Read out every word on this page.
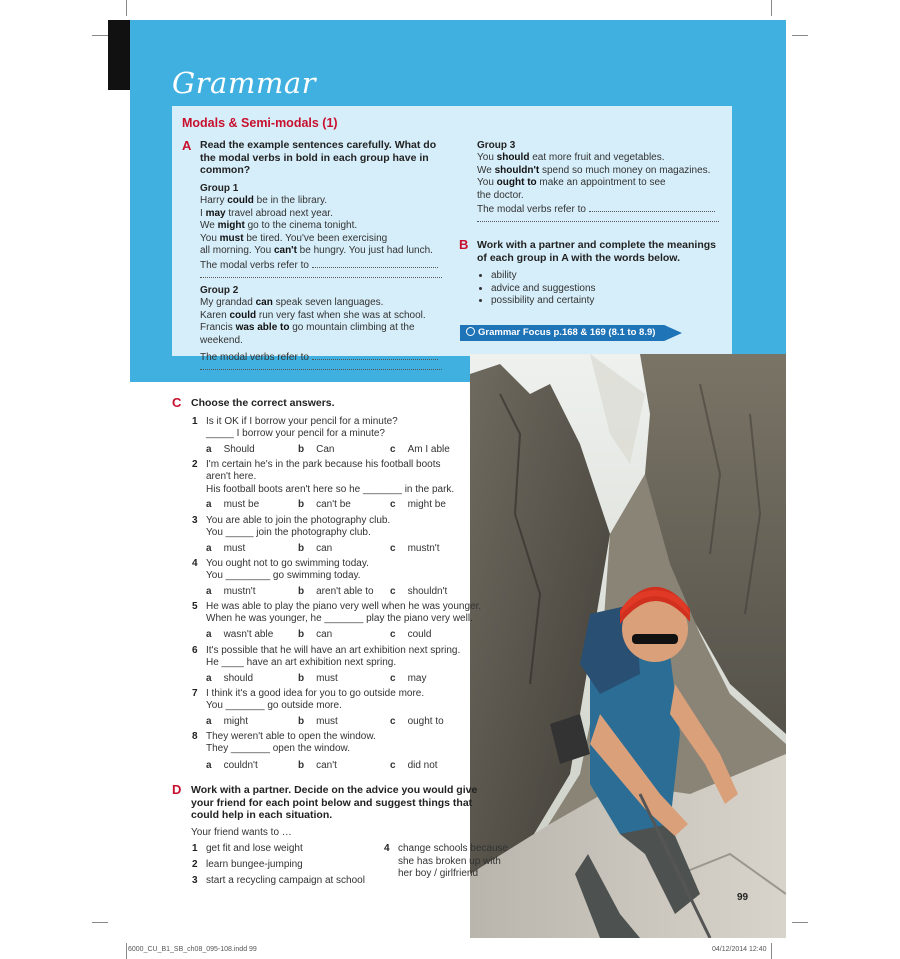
Grammar
Modals & Semi-modals (1)
A Read the example sentences carefully. What do
the modal verbs in bold in each group have in
common?
Group 1
Harry could be in the library.
I may travel abroad next year.
We might go to the cinema tonight.
You must be tired. You've been exercising
all morning. You can't be hungry. You just had lunch.
The modal verbs refer to
Group 2
My grandad can speak seven languages.
Karen could run very fast when she was at school.
Francis was able to go mountain climbing at the
weekend.
The modal verbs refer to
Group 3
You should eat more fruit and vegetables.
We shouldn't spend so much money on magazines.
You ought to make an appointment to see
the doctor.
The modal verbs refer to
B Work with a partner and complete the meanings
of each group in A with the words below.
• ability
• advice and suggestions
• possibility and certainty
Grammar Focus p.168 & 169 (8.1 to 8.9)
C Choose the correct answers.
1 Is it OK if I borrow your pencil for a minute?
_____ I borrow your pencil for a minute?
a Should	b Can	c Am I able
2 I'm certain he's in the park because his football boots
aren't here.
His football boots aren't here so he _______ in the park.
a must be	b can't be	c might be
3 You are able to join the photography club.
You _____ join the photography club.
a must	b can	c mustn't
4 You ought not to go swimming today.
You ________ go swimming today.
a mustn't	b aren't able to c shouldn't
5 He was able to play the piano very well when he was younger.
When he was younger, he _______ play the piano very well.
a wasn't able b can	c could
6 It's possible that he will have an art exhibition next spring.
He ____ have an art exhibition next spring.
a should	b must	c may
7 I think it's a good idea for you to go outside more.
You _______ go outside more.
a might	b must	c ought to
8 They weren't able to open the window.
They _______ open the window.
a couldn't	b can't	c did not
D Work with a partner. Decide on the advice you would give
your friend for each point below and suggest things that
could help in each situation.
Your friend wants to …
1 get fit and lose weight
2 learn bungee-jumping
3 start a recycling campaign at school
4 change schools because
she has broken up with
her boy / girlfriend
99
6000_CU_B1_SB_ch08_095-108.indd 99	04/12/2014 12:40
